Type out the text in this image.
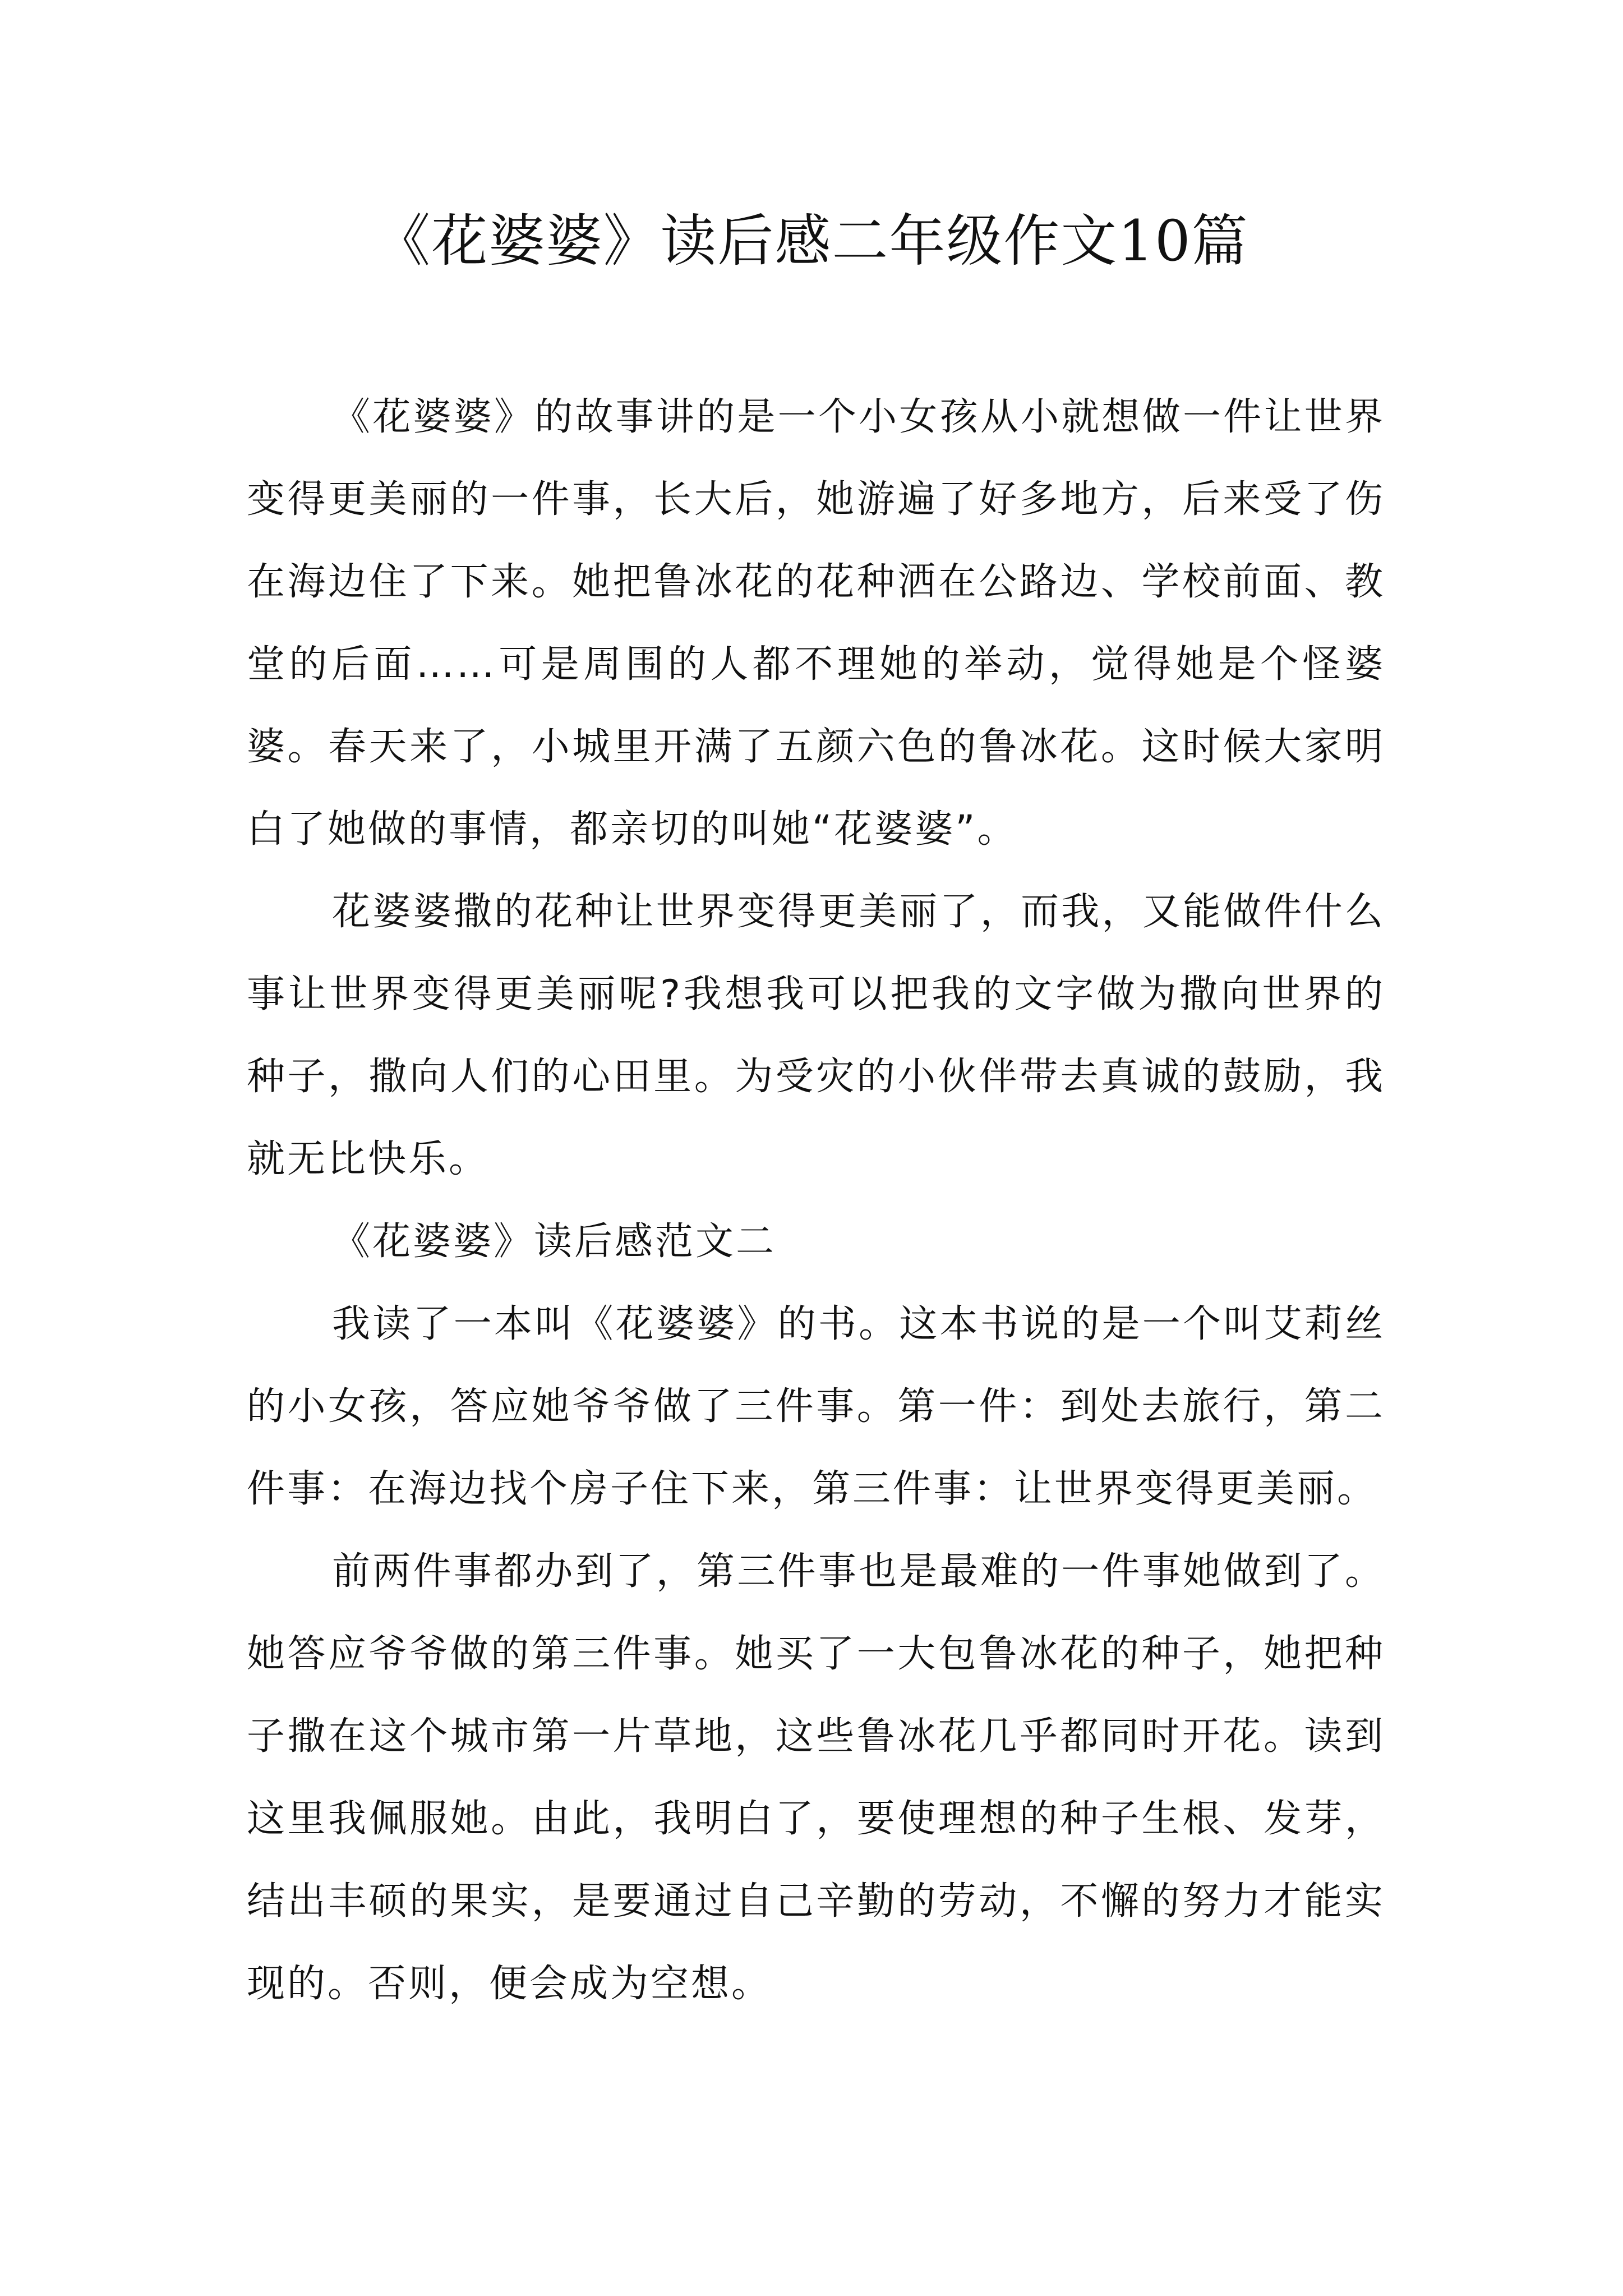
《花婆婆》读后感二年级作文10篇

《花婆婆》的故事讲的是一个小女孩从小就想做一件让世界变得更美丽的一件事，长大后，她游遍了好多地方，后来受了伤在海边住了下来。她把鲁冰花的花种洒在公路边、学校前面、教堂的后面……可是周围的人都不理她的举动，觉得她是个怪婆婆。春天来了，小城里开满了五颜六色的鲁冰花。这时候大家明白了她做的事情，都亲切的叫她“花婆婆”。

花婆婆撒的花种让世界变得更美丽了，而我，又能做件什么事让世界变得更美丽呢?我想我可以把我的文字做为撒向世界的种子，撒向人们的心田里。为受灾的小伙伴带去真诚的鼓励，我就无比快乐。

《花婆婆》读后感范文二

我读了一本叫《花婆婆》的书。这本书说的是一个叫艾莉丝的小女孩，答应她爷爷做了三件事。第一件：到处去旅行，第二件事：在海边找个房子住下来，第三件事：让世界变得更美丽。

前两件事都办到了，第三件事也是最难的一件事她做到了。她答应爷爷做的第三件事。她买了一大包鲁冰花的种子，她把种子撒在这个城市第一片草地，这些鲁冰花几乎都同时开花。读到这里我佩服她。由此，我明白了，要使理想的种子生根、发芽，结出丰硕的果实，是要通过自己辛勤的劳动，不懈的努力才能实现的。否则，便会成为空想。
